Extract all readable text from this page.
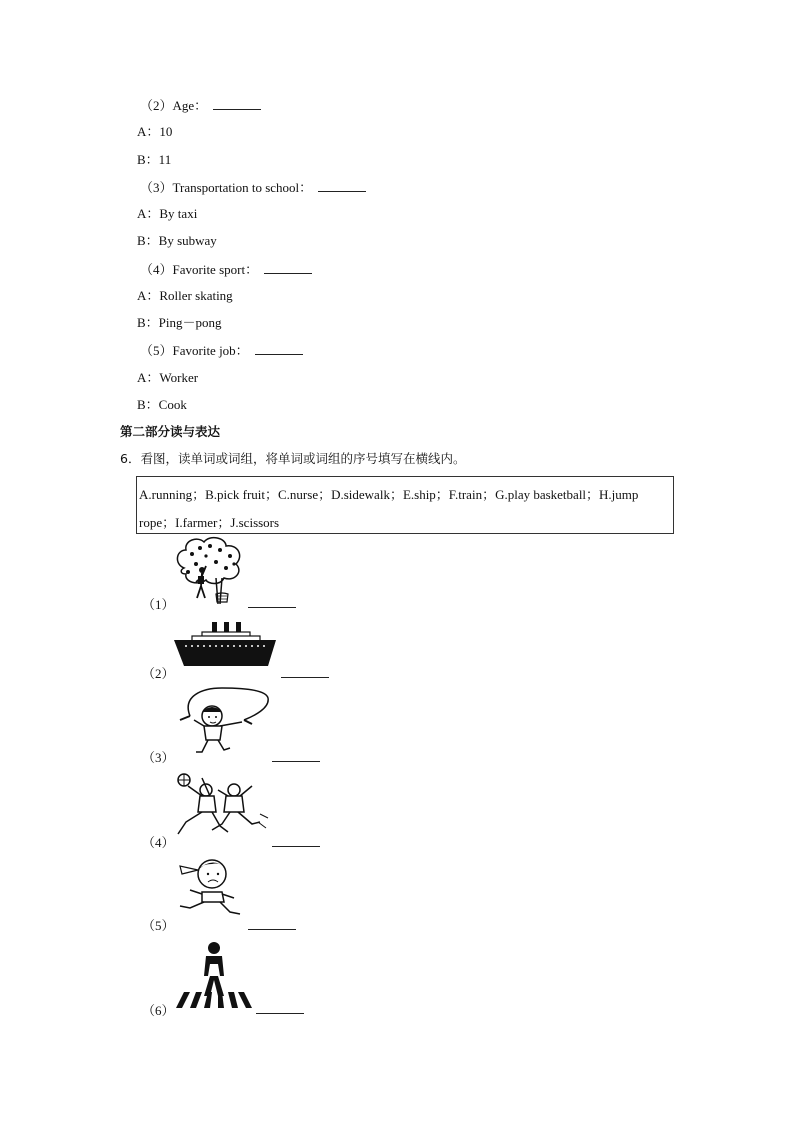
（2）Age：
A：10
B：11
（3）Transportation to school：
A：By taxi
B：By subway
（4）Favorite sport：
A：Roller skating
B：Ping－pong
（5）Favorite job：
A：Worker
B：Cook
第二部分读与表达
6．看图，读单词或词组，将单词或词组的序号填写在横线内。
A.running；B.pick fruit；C.nurse；D.sidewalk；E.ship；F.train；G.play basketball；H.jump rope；I.farmer；J.scissors
（1）
（2）
（3）
（4）
（5）
（6）
